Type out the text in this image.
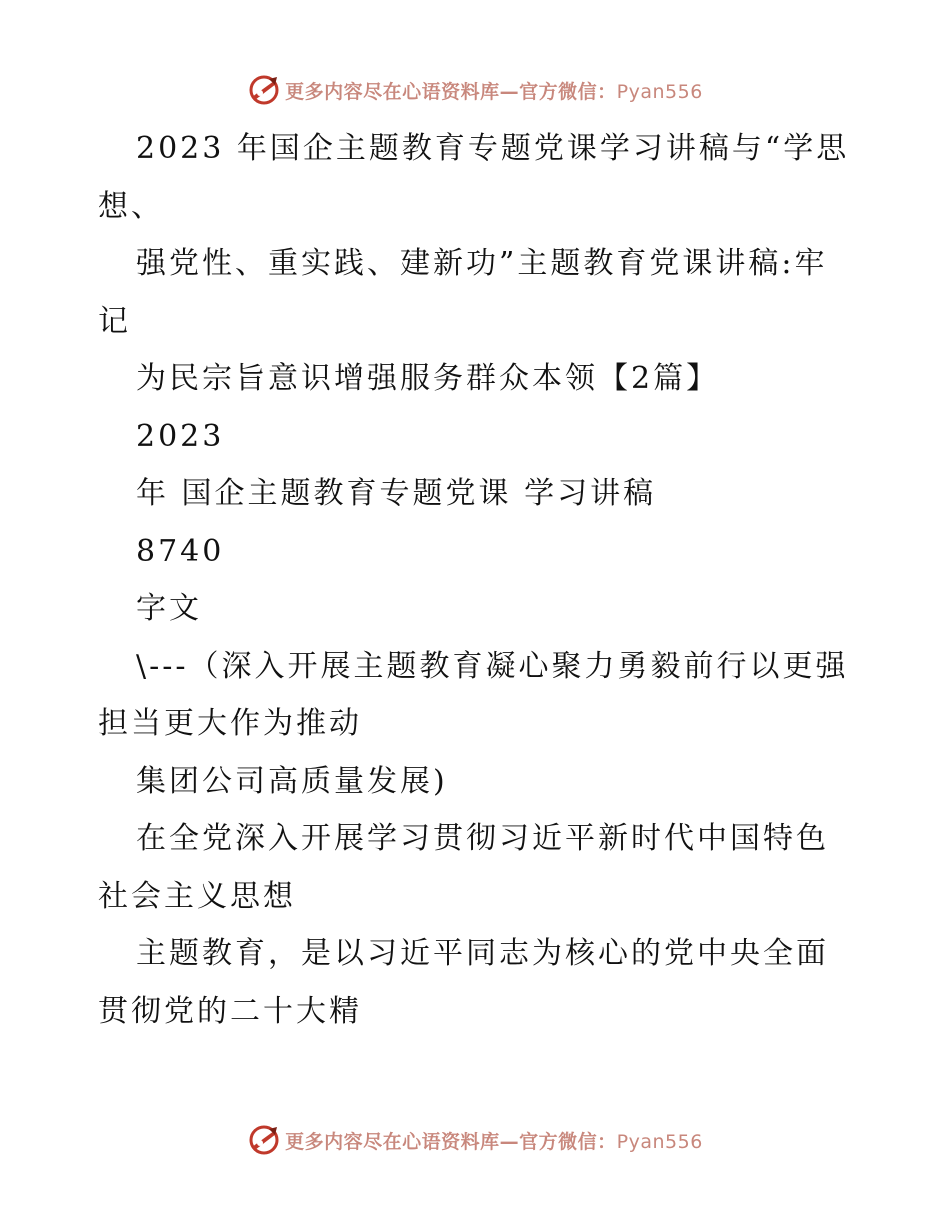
更多内容尽在心语资料库—官方微信：Pyan556

2023 年国企主题教育专题党课学习讲稿与“学思想、

强党性、重实践、建新功”主题教育党课讲稿:牢记

为民宗旨意识增强服务群众本领【2篇】

2023

年 国企主题教育专题党课 学习讲稿

8740

字文

\---（深入开展主题教育凝心聚力勇毅前行以更强担当更大作为推动

集团公司高质量发展)

在全党深入开展学习贯彻习近平新时代中国特色社会主义思想

主题教育，是以习近平同志为核心的党中央全面贯彻党的二十大精

更多内容尽在心语资料库—官方微信：Pyan556
